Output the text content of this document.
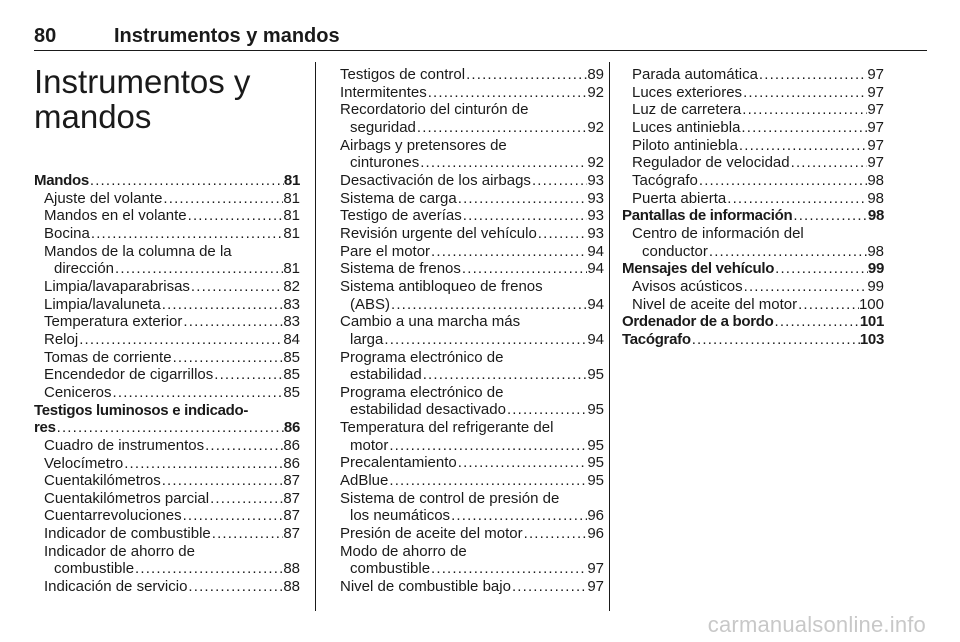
80	Instrumentos y mandos
Instrumentos y
mandos
Mandos . . .	81
Ajuste del volante . . .	81
Mandos en el volante . . .	81
Bocina . . .	81
Mandos de la columna de la
dirección . . .	81
Limpia/lavaparabrisas . . .	82
Limpia/lavaluneta . . .	83
Temperatura exterior . . .	83
Reloj . . .	84
Tomas de corriente . . .	85
Encendedor de cigarrillos . . .	85
Ceniceros . . .	85
Testigos luminosos e indicado-
res . . .	86
Cuadro de instrumentos . . .	86
Velocímetro . . .	86
Cuentakilómetros . . .	87
Cuentakilómetros parcial . . .	87
Cuentarrevoluciones . . .	87
Indicador de combustible . . .	87
Indicador de ahorro de
combustible . . .	88
Indicación de servicio . . .	88
Testigos de control . . .	89
Intermitentes . . .	92
Recordatorio del cinturón de
seguridad . . .	92
Airbags y pretensores de
cinturones . . .	92
Desactivación de los airbags . . .	93
Sistema de carga . . .	93
Testigo de averías . . .	93
Revisión urgente del vehículo . . .	93
Pare el motor . . .	94
Sistema de frenos . . .	94
Sistema antibloqueo de frenos
(ABS) . . .	94
Cambio a una marcha más
larga . . .	94
Programa electrónico de
estabilidad . . .	95
Programa electrónico de
estabilidad desactivado . . .	95
Temperatura del refrigerante del
motor . . .	95
Precalentamiento . . .	95
AdBlue . . .	95
Sistema de control de presión de
los neumáticos . . .	96
Presión de aceite del motor . . .	96
Modo de ahorro de
combustible . . .	97
Nivel de combustible bajo . . .	97
Parada automática . . .	97
Luces exteriores . . .	97
Luz de carretera . . .	97
Luces antiniebla . . .	97
Piloto antiniebla . . .	97
Regulador de velocidad . . .	97
Tacógrafo . . .	98
Puerta abierta . . .	98
Pantallas de información . . .	98
Centro de información del
conductor . . .	98
Mensajes del vehículo . . .	99
Avisos acústicos . . .	99
Nivel de aceite del motor . . .	100
Ordenador de a bordo . . .	101
Tacógrafo . . .	103
carmanualsonline.info
